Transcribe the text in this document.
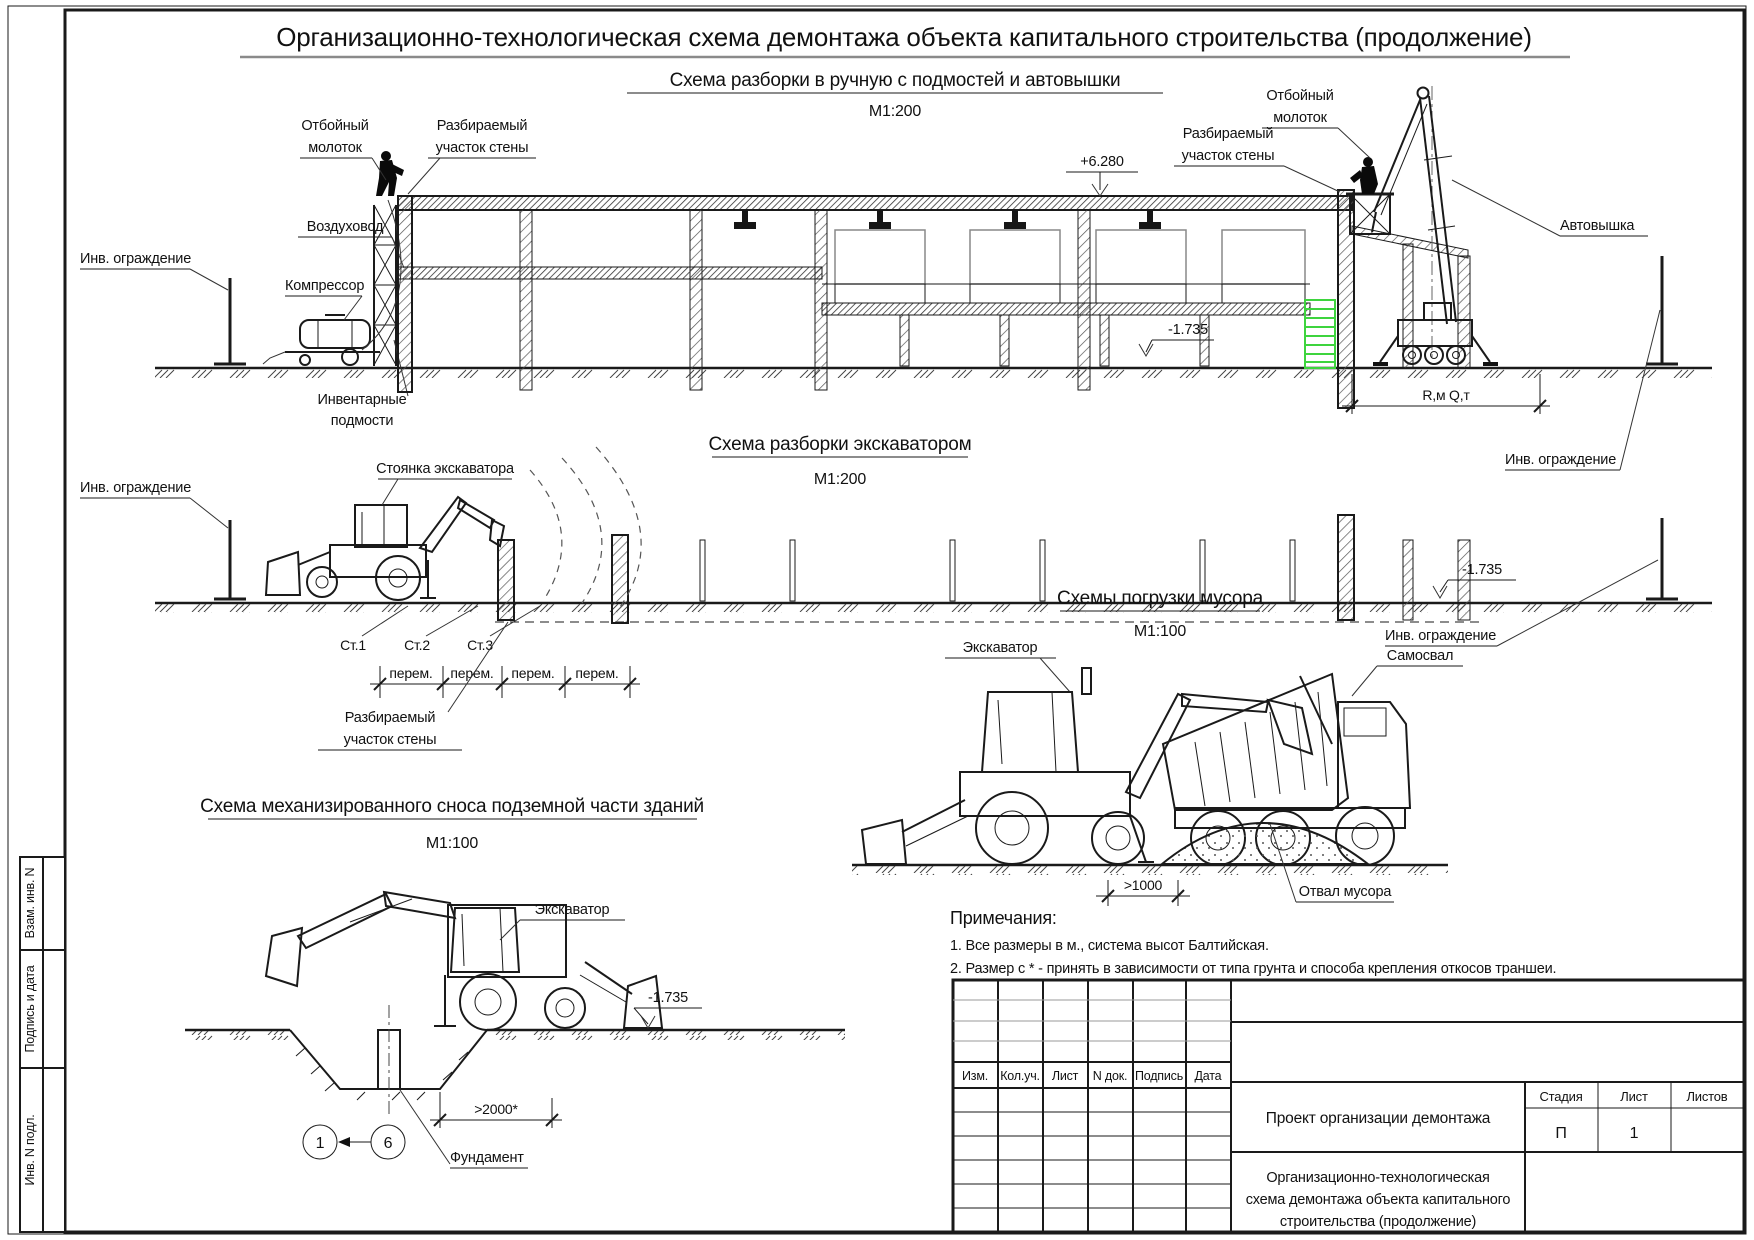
Организационно-технологическая схема демонтажа объекта капитального строительства (продолжение)
Схема разборки в ручную с подмостей и автовышки
М1:200
Инв. ограждение
Компрессор
Отбойный
молоток
Разбираемый
участок стены
Воздуховод
Инвентарные
подмости
+6.280
-1.735
Отбойный
молоток
Разбираемый
участок стены
Автовышка
R,м Q,т
Инв. ограждение
Схема разборки экскаватором
М1:200
Инв. ограждение
Стоянка экскаватора
Ст.1	Ст.2	Ст.3
перем. перем. перем. перем.
Разбираемый
участок стены
-1.735
Инв. ограждение
Схемы погрузки мусора
М1:100
Экскаватор	Самосвал
>1000	Отвал мусора
Примечания:
1. Все размеры в м., система высот Балтийская.
2. Размер с * - принять в зависимости от типа грунта и способа крепления откосов траншеи.
Схема механизированного сноса подземной части зданий
М1:100
Экскаватор
-1.735
>2000*
1	6
Фундамент
Изм. Кол.уч. Лист N док. Подпись Дата
Проект организации демонтажа
Стадия	Лист	Листов
П	1
Организационно-технологическая
схема демонтажа объекта капитального
строительства (продолжение)
Взам. инв. N
Подпись и дата
Инв. N подл.
